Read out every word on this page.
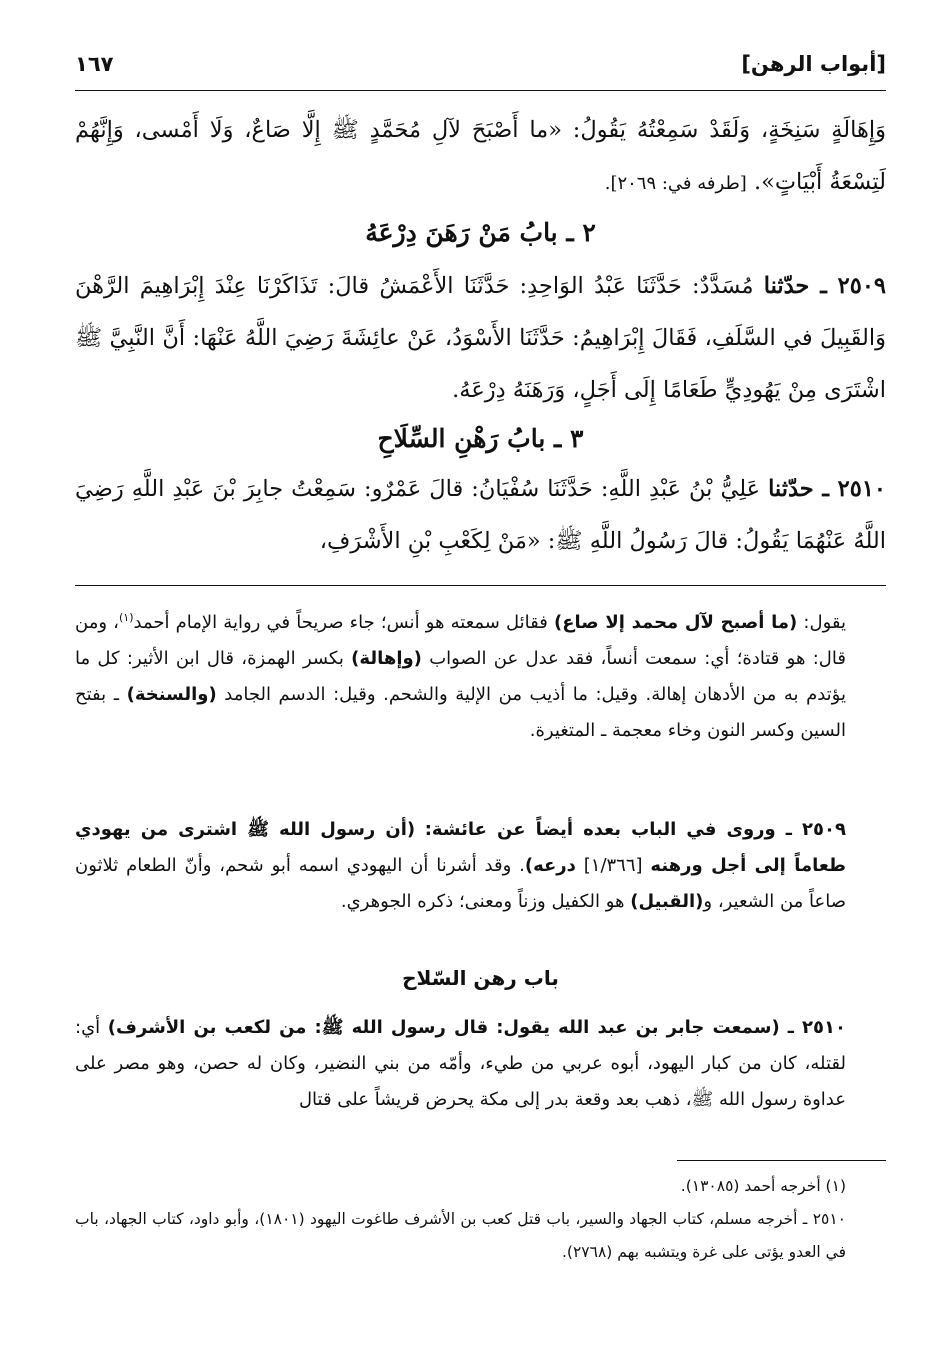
[أبواب الرهن]
١٦٧

وَإِهَالَةٍ سَنِخَةٍ، وَلَقَدْ سَمِعْتُهُ يَقُولُ: «ما أَصْبَحَ لآلِ مُحَمَّدٍ ﷺ إِلَّا صَاعٌ، وَلَا أَمْسى، وَإِنَّهُمْ لَتِسْعَةُ أَبْيَاتٍ». [طرفه في: ٢٠٦٩].

٢ ـ بابُ مَنْ رَهَنَ دِرْعَهُ

٢٥٠٩ ـ حدّثنا مُسَدَّدٌ: حَدَّثَنَا عَبْدُ الوَاحِدِ: حَدَّثَنَا الأَعْمَشُ قالَ: تَذَاكَرْنَا عِنْدَ إِبْرَاهِيمَ الرَّهْنَ وَالقَبِيلَ في السَّلَفِ، فَقَالَ إِبْرَاهِيمُ: حَدَّثَنَا الأَسْوَدُ، عَنْ عائِشَةَ رَضِيَ اللَّهُ عَنْهَا: أَنَّ النَّبِيَّ ﷺ اشْتَرَى مِنْ يَهُودِيٍّ طَعَامًا إِلَى أَجَلٍ، وَرَهَنَهُ دِرْعَهُ.

٣ ـ بابُ رَهْنِ السِّلَاحِ

٢٥١٠ ـ حدّثنا عَلِيُّ بْنُ عَبْدِ اللَّهِ: حَدَّثَنَا سُفْيَانُ: قالَ عَمْرٌو: سَمِعْتُ جابِرَ بْنَ عَبْدِ اللَّهِ رَضِيَ اللَّهُ عَنْهُمَا يَقُولُ: قالَ رَسُولُ اللَّهِ ﷺ: «مَنْ لِكَعْبِ بْنِ الأَشْرَفِ،

يقول: (ما أصبح لآل محمد إلا صاع) فقائل سمعته هو أنس؛ جاء صريحاً في رواية الإمام أحمد$^{(١)}$، ومن قال: هو قتادة؛ أي: سمعت أنساً، فقد عدل عن الصواب (وإهالة) بكسر الهمزة، قال ابن الأثير: كل ما يؤتدم به من الأدهان إهالة. وقيل: ما أذيب من الإلية والشحم. وقيل: الدسم الجامد (والسنخة) ـ بفتح السين وكسر النون وخاء معجمة ـ المتغيرة.

٢٥٠٩ ـ وروى في الباب بعده أيضاً عن عائشة: (أن رسول الله ﷺ اشترى من يهودي طعاماً إلى أجل ورهنه [١/٣٦٦] درعه). وقد أشرنا أن اليهودي اسمه أبو شحم، وأنّ الطعام ثلاثون صاعاً من الشعير، و(القبيل) هو الكفيل وزناً ومعنى؛ ذكره الجوهري.

باب رهن السّلاح

٢٥١٠ ـ (سمعت جابر بن عبد الله يقول: قال رسول الله ﷺ: من لكعب بن الأشرف) أي: لقتله، كان من كبار اليهود، أبوه عربي من طيء، وأمّه من بني النضير، وكان له حصن، وهو مصر على عداوة رسول الله ﷺ، ذهب بعد وقعة بدر إلى مكة يحرض قريشاً على قتال

(١) أخرجه أحمد (١٣٠٨٥).

٢٥١٠ ـ أخرجه مسلم، كتاب الجهاد والسير، باب قتل كعب بن الأشرف طاغوت اليهود (١٨٠١)، وأبو داود، كتاب الجهاد، باب في العدو يؤتى على غرة ويتشبه بهم (٢٧٦٨).
